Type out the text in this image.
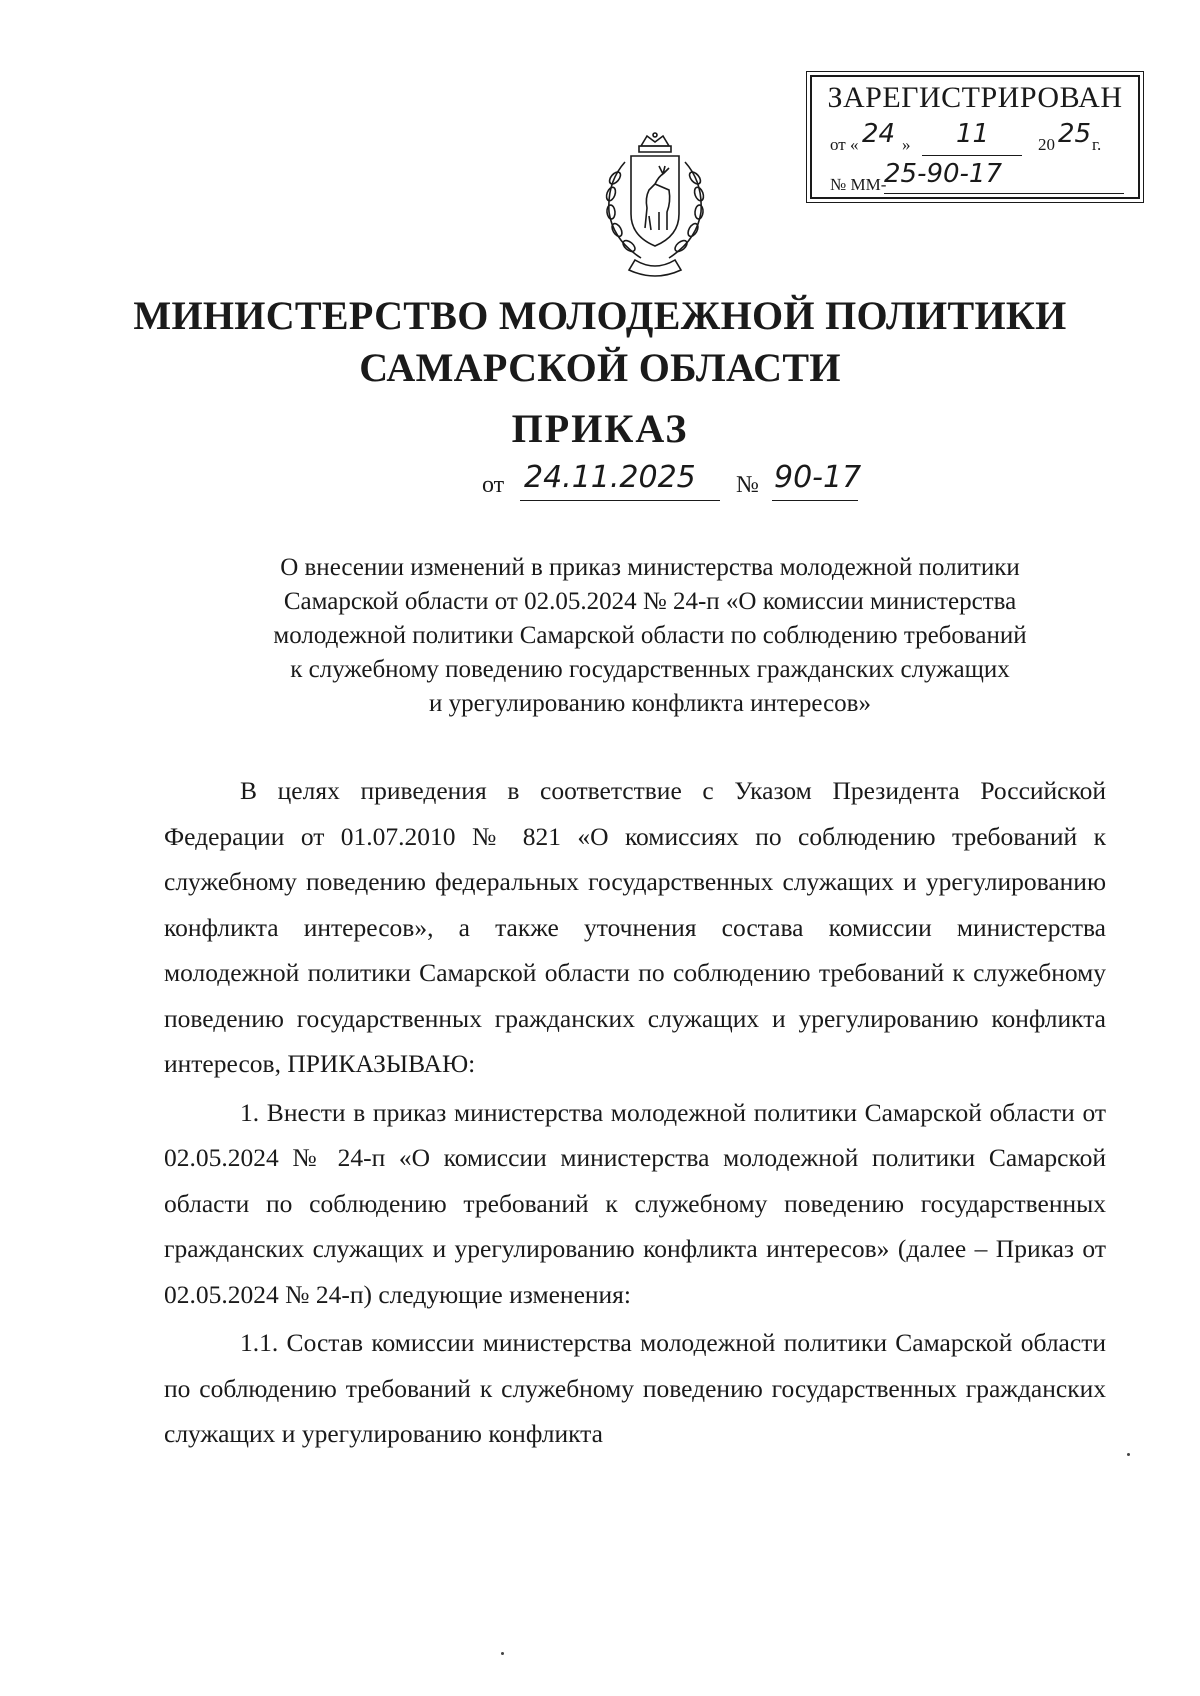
ЗАРЕГИСТРИРОВАН
от « 24 » 11	20 25 г.
№ ММ-
25-90-17
МИНИСТЕРСТВО МОЛОДЕЖНОЙ ПОЛИТИКИ
САМАРСКОЙ ОБЛАСТИ
ПРИКАЗ
от 24.11.2025 № 90-17
О внесении изменений в приказ министерства молодежной политики
Самарской области от 02.05.2024 № 24-п «О комиссии министерства
молодежной политики Самарской области по соблюдению требований
к служебному поведению государственных гражданских служащих
и урегулированию конфликта интересов»

В целях приведения в соответствие с Указом Президента Российской Федерации от 01.07.2010 № 821 «О комиссиях по соблюдению требований к служебному поведению федеральных государственных служащих и урегулированию конфликта интересов», а также уточнения состава комиссии министерства молодежной политики Самарской области по соблюдению требований к служебному поведению государственных гражданских служащих и урегулированию конфликта интересов, ПРИКАЗЫВАЮ:

1. Внести в приказ министерства молодежной политики Самарской области от 02.05.2024 № 24-п «О комиссии министерства молодежной политики Самарской области по соблюдению требований к служебному поведению государственных гражданских служащих и урегулированию конфликта интересов» (далее – Приказ от 02.05.2024 № 24-п) следующие изменения:

1.1. Состав комиссии министерства молодежной политики Самарской области по соблюдению требований к служебному поведению государственных гражданских служащих и урегулированию конфликта
